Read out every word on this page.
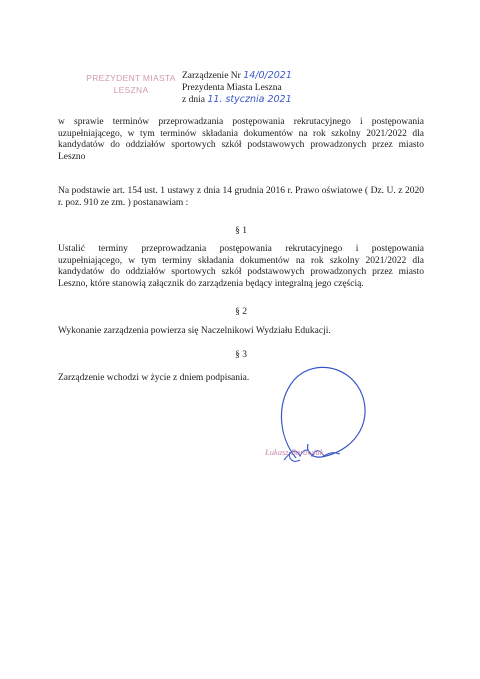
PREZYDENT MIASTA
LESZNA
Zarządzenie Nr 14/0/2021
Prezydenta Miasta Leszna
z dnia 11. stycznia 2021
w sprawie terminów przeprowadzania postępowania rekrutacyjnego i postępowania uzupełniającego, w tym terminów składania dokumentów na rok szkolny 2021/2022 dla kandydatów do oddziałów sportowych szkół podstawowych prowadzonych przez miasto Leszno
Na podstawie art. 154 ust. 1 ustawy z dnia 14 grudnia 2016 r. Prawo oświatowe ( Dz. U. z 2020 r. poz. 910 ze zm. ) postanawiam :
§ 1
Ustalić terminy przeprowadzania postępowania rekrutacyjnego i postępowania uzupełniającego, w tym terminy składania dokumentów na rok szkolny 2021/2022 dla kandydatów do oddziałów sportowych szkół podstawowych prowadzonych przez miasto Leszno, które stanowią załącznik do zarządzenia będący integralną jego częścią.
§ 2
Wykonanie zarządzenia powierza się Naczelnikowi Wydziału Edukacji.
§ 3
Zarządzenie wchodzi w życie z dniem podpisania.
Łukasz Borowiak
